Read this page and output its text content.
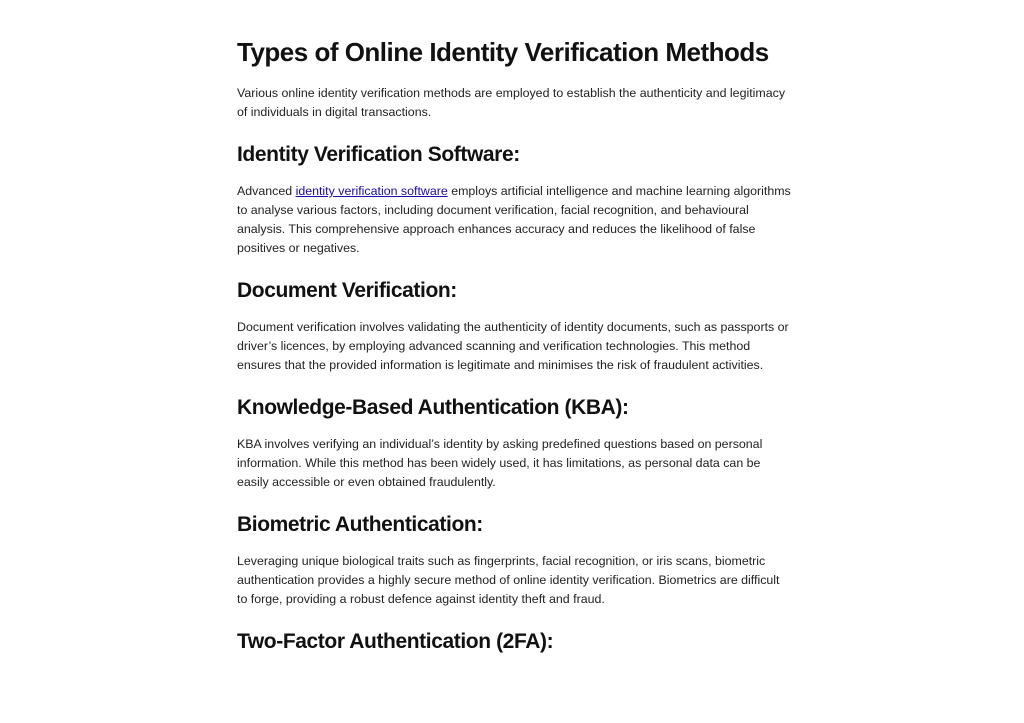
Types of Online Identity Verification Methods

Various online identity verification methods are employed to establish the authenticity and legitimacy of individuals in digital transactions.

Identity Verification Software:

Advanced identity verification software employs artificial intelligence and machine learning algorithms to analyse various factors, including document verification, facial recognition, and behavioural analysis. This comprehensive approach enhances accuracy and reduces the likelihood of false positives or negatives.

Document Verification:

Document verification involves validating the authenticity of identity documents, such as passports or driver’s licences, by employing advanced scanning and verification technologies. This method ensures that the provided information is legitimate and minimises the risk of fraudulent activities.

Knowledge-Based Authentication (KBA):

KBA involves verifying an individual’s identity by asking predefined questions based on personal information. While this method has been widely used, it has limitations, as personal data can be easily accessible or even obtained fraudulently.

Biometric Authentication:

Leveraging unique biological traits such as fingerprints, facial recognition, or iris scans, biometric authentication provides a highly secure method of online identity verification. Biometrics are difficult to forge, providing a robust defence against identity theft and fraud.

Two-Factor Authentication (2FA):
